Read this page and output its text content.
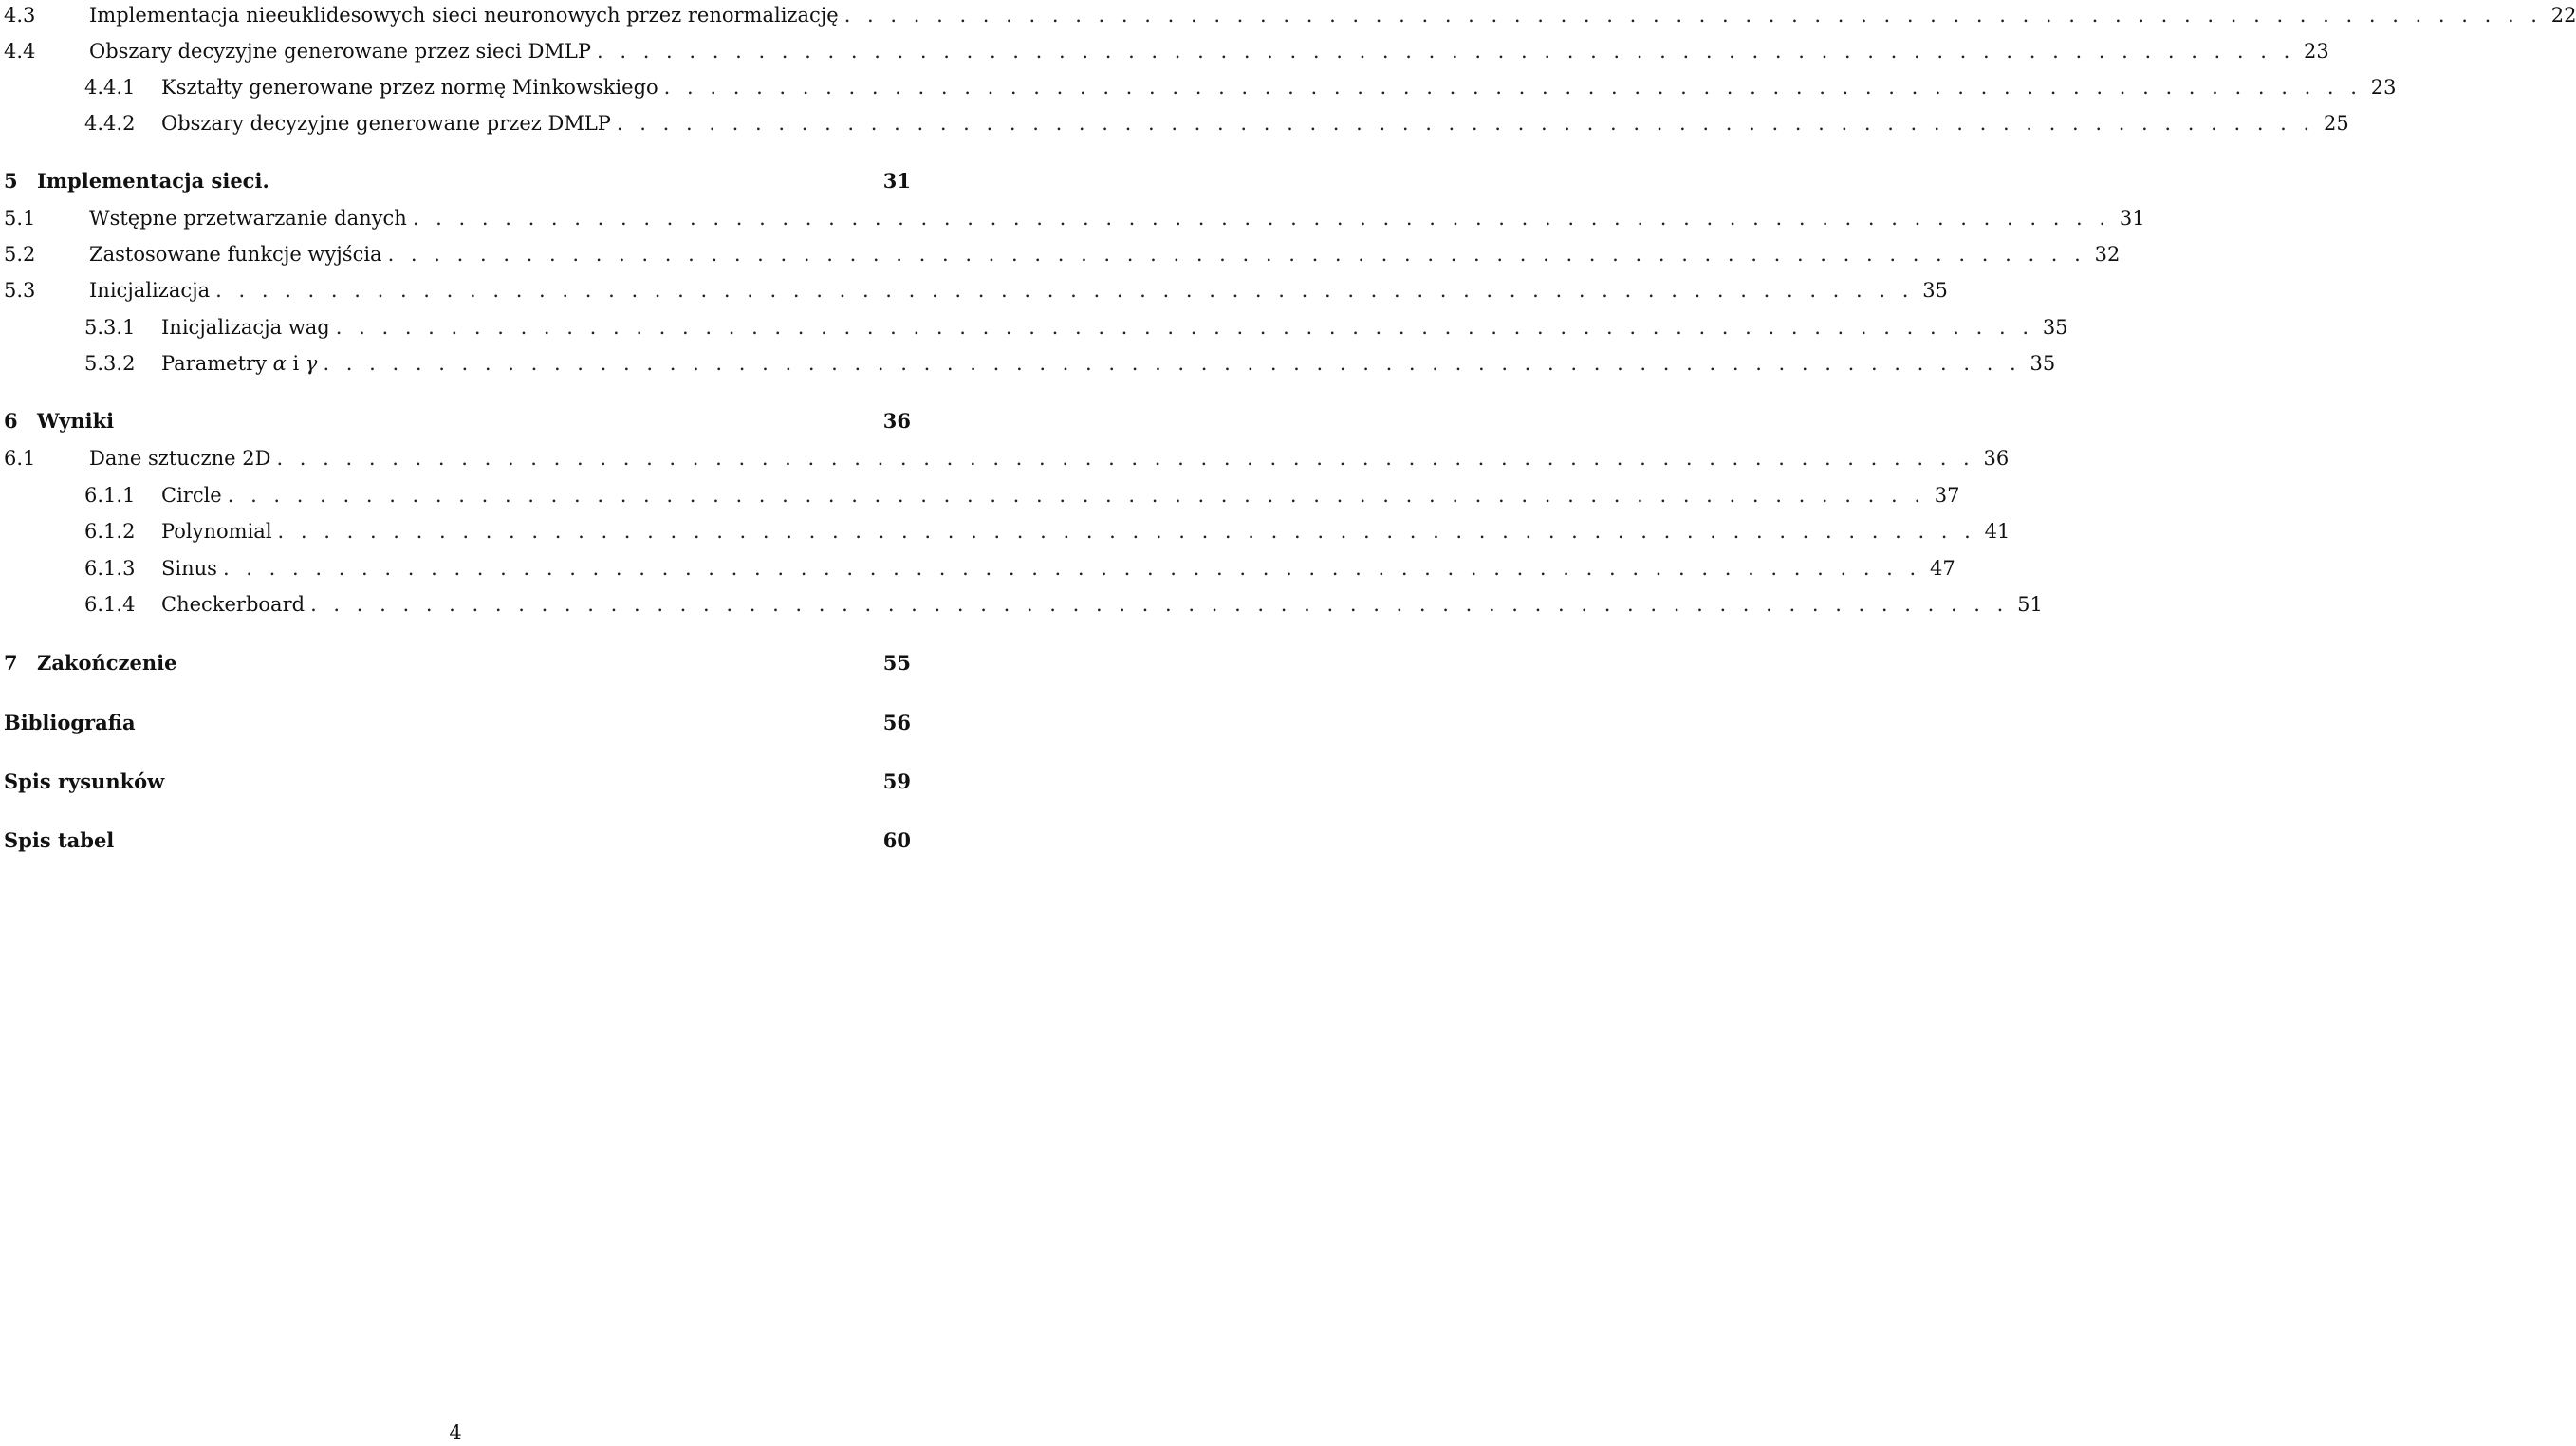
4.3	Implementacja nieeuklidesowych sieci neuronowych przez renormalizację . . . . . . . . . . . . . . . . . . . . . . . . . . . . . . . . . . . . . . . . . . . . . . . . . . . . . . . . . . . . . . . . . . . . . . . . . . 22
4.4	Obszary decyzyjne generowane przez sieci DMLP . . . . . . . . . . . . . . . . . . . . . . . . . . . . . . . . . . . . . . . . . . . . . . . . . . . . . . . . . . . . . . . . . . . . . . . . . . 23
4.4.1	Kształty generowane przez normę Minkowskiego . . . . . . . . . . . . . . . . . . . . . . . . . . . . . . . . . . . . . . . . . . . . . . . . . . . . . . . . . . . . . . . . . . . . . . . . . . 23
4.4.2	Obszary decyzyjne generowane przez DMLP . . . . . . . . . . . . . . . . . . . . . . . . . . . . . . . . . . . . . . . . . . . . . . . . . . . . . . . . . . . . . . . . . . . . . . . . . . 25
5 Implementacja sieci.	31
5.1	Wstępne przetwarzanie danych . . . . . . . . . . . . . . . . . . . . . . . . . . . . . . . . . . . . . . . . . . . . . . . . . . . . . . . . . . . . . . . . . . . . . . . . . . 31
5.2	Zastosowane funkcje wyjścia . . . . . . . . . . . . . . . . . . . . . . . . . . . . . . . . . . . . . . . . . . . . . . . . . . . . . . . . . . . . . . . . . . . . . . . . . . 32
5.3	Inicjalizacja . . . . . . . . . . . . . . . . . . . . . . . . . . . . . . . . . . . . . . . . . . . . . . . . . . . . . . . . . . . . . . . . . . . . . . . . . . 35
5.3.1	Inicjalizacja wag . . . . . . . . . . . . . . . . . . . . . . . . . . . . . . . . . . . . . . . . . . . . . . . . . . . . . . . . . . . . . . . . . . . . . . . . . . 35
5.3.2	Parametry α i γ . . . . . . . . . . . . . . . . . . . . . . . . . . . . . . . . . . . . . . . . . . . . . . . . . . . . . . . . . . . . . . . . . . . . . . . . . . 35
6 Wyniki	36
6.1	Dane sztuczne 2D . . . . . . . . . . . . . . . . . . . . . . . . . . . . . . . . . . . . . . . . . . . . . . . . . . . . . . . . . . . . . . . . . . . . . . . . . . 36
6.1.1	Circle . . . . . . . . . . . . . . . . . . . . . . . . . . . . . . . . . . . . . . . . . . . . . . . . . . . . . . . . . . . . . . . . . . . . . . . . . . 37
6.1.2	Polynomial . . . . . . . . . . . . . . . . . . . . . . . . . . . . . . . . . . . . . . . . . . . . . . . . . . . . . . . . . . . . . . . . . . . . . . . . . . 41
6.1.3	Sinus . . . . . . . . . . . . . . . . . . . . . . . . . . . . . . . . . . . . . . . . . . . . . . . . . . . . . . . . . . . . . . . . . . . . . . . . . . 47
6.1.4	Checkerboard . . . . . . . . . . . . . . . . . . . . . . . . . . . . . . . . . . . . . . . . . . . . . . . . . . . . . . . . . . . . . . . . . . . . . . . . . . 51
7 Zakończenie	55
Bibliografia	56
Spis rysunków	59
Spis tabel	60
4
